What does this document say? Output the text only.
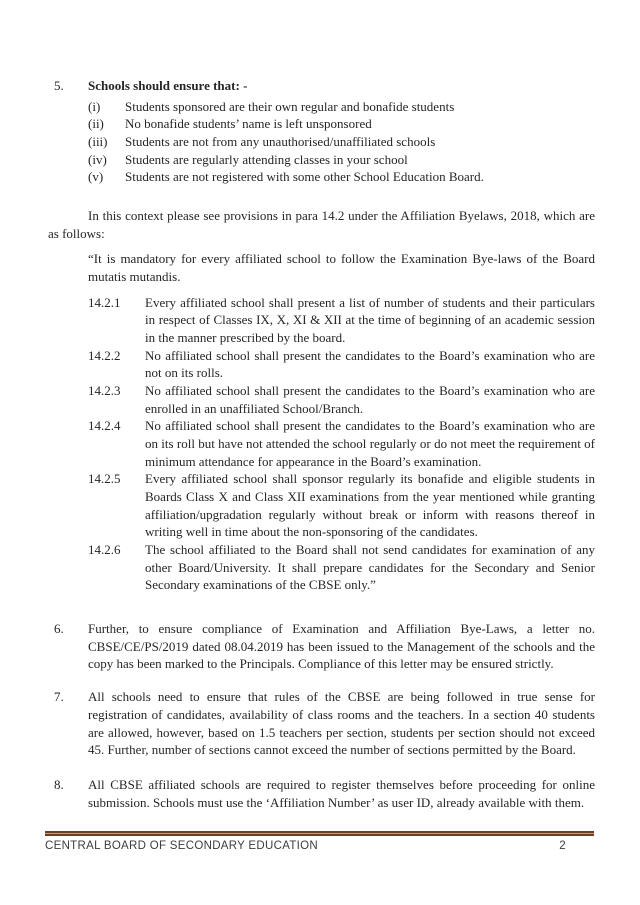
5.	Schools should ensure that: -
(i)	Students sponsored are their own regular and bonafide students
(ii)	No bonafide students’ name is left unsponsored
(iii)	Students are not from any unauthorised/unaffiliated schools
(iv)	Students are regularly attending classes in your school
(v)	Students are not registered with some other School Education Board.

In this context please see provisions in para 14.2 under the Affiliation Byelaws, 2018, which are as follows:

“It is mandatory for every affiliated school to follow the Examination Bye-laws of the Board mutatis mutandis.

14.2.1	Every affiliated school shall present a list of number of students and their particulars in respect of Classes IX, X, XI & XII at the time of beginning of an academic session in the manner prescribed by the board.
14.2.2	No affiliated school shall present the candidates to the Board’s examination who are not on its rolls.
14.2.3	No affiliated school shall present the candidates to the Board’s examination who are enrolled in an unaffiliated School/Branch.
14.2.4	No affiliated school shall present the candidates to the Board’s examination who are on its roll but have not attended the school regularly or do not meet the requirement of minimum attendance for appearance in the Board’s examination.
14.2.5	Every affiliated school shall sponsor regularly its bonafide and eligible students in Boards Class X and Class XII examinations from the year mentioned while granting affiliation/upgradation regularly without break or inform with reasons thereof in writing well in time about the non-sponsoring of the candidates.
14.2.6	The school affiliated to the Board shall not send candidates for examination of any other Board/University. It shall prepare candidates for the Secondary and Senior Secondary examinations of the CBSE only.”
6.	Further, to ensure compliance of Examination and Affiliation Bye-Laws, a letter no. CBSE/CE/PS/2019 dated 08.04.2019 has been issued to the Management of the schools and the copy has been marked to the Principals. Compliance of this letter may be ensured strictly.
7.	All schools need to ensure that rules of the CBSE are being followed in true sense for registration of candidates, availability of class rooms and the teachers. In a section 40 students are allowed, however, based on 1.5 teachers per section, students per section should not exceed 45. Further, number of sections cannot exceed the number of sections permitted by the Board.
8.	All CBSE affiliated schools are required to register themselves before proceeding for online submission. Schools must use the ‘Affiliation Number’ as user ID, already available with them.
CENTRAL BOARD OF SECONDARY EDUCATION	2
